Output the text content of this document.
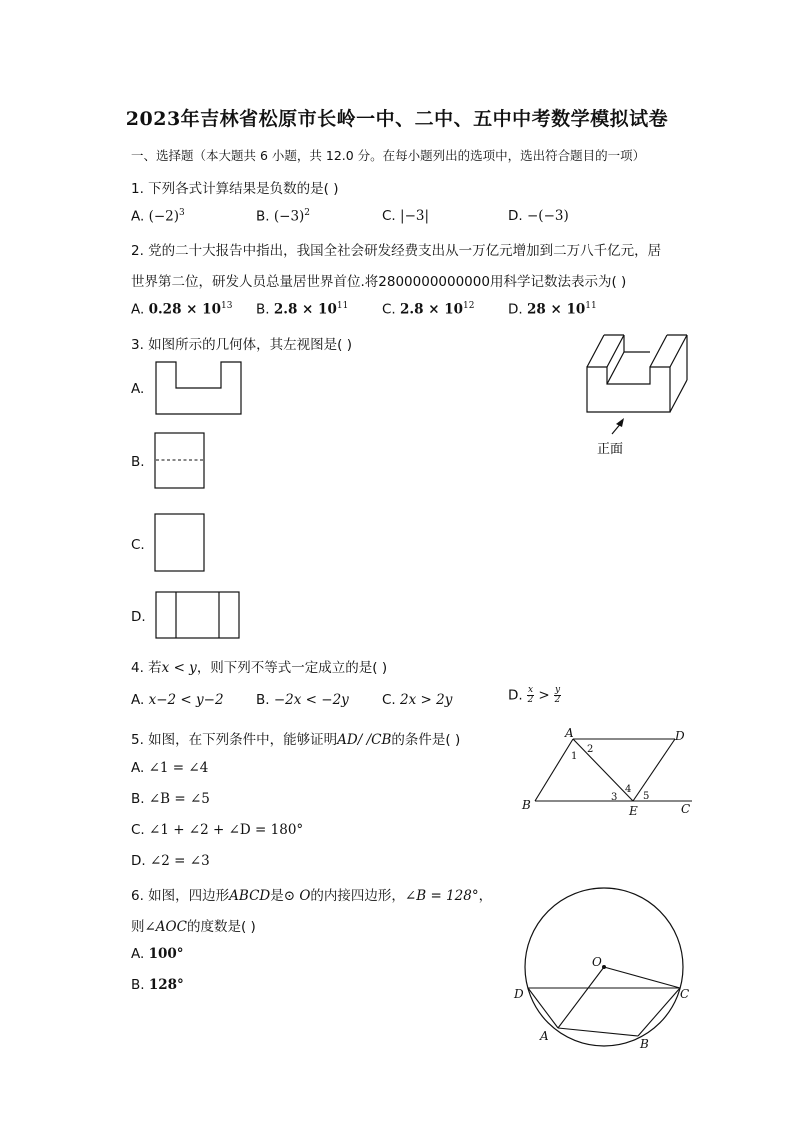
2023年吉林省松原市长岭一中、二中、五中中考数学模拟试卷
一、选择题（本大题共 6 小题，共 12.0 分。在每小题列出的选项中，选出符合题目的一项）
1. 下列各式计算结果是负数的是( )
A. $(-2)^3$	B. $(-3)^2$	C. |−3|	D. −(−3)
2. 党的二十大报告中指出，我国全社会研发经费支出从一万亿元增加到二万八千亿元，居
世界第二位，研发人员总量居世界首位.将2800000000000用科学记数法表示为( )
A. $0.28 \times 10^{13}$ B. $2.8 \times 10^{11}$ C. $2.8 \times 10^{12}$ D. $28 \times 10^{11}$
3. 如图所示的几何体，其左视图是( )
正面
A.
B.
C.
D.
4. 若x < y，则下列不等式一定成立的是( )
A. x−2 < y−2 B. −2x < −2y C. 2x > 2y	D. $\frac{x}{2} > \frac{y}{2}$
5. 如图，在下列条件中，能够证明AD/ /CB的条件是( )
A. ∠1 = ∠4
B. ∠B = ∠5
C. ∠1 + ∠2 + ∠D = 180°
D. ∠2 = ∠3
A	D
B	E	C
1
2
3
4
5
6. 如图，四边形ABCD是⊙ O的内接四边形，∠B = 128°，
则∠AOC的度数是( )
A. 100°
B. 128°
O
D	C
A
B
